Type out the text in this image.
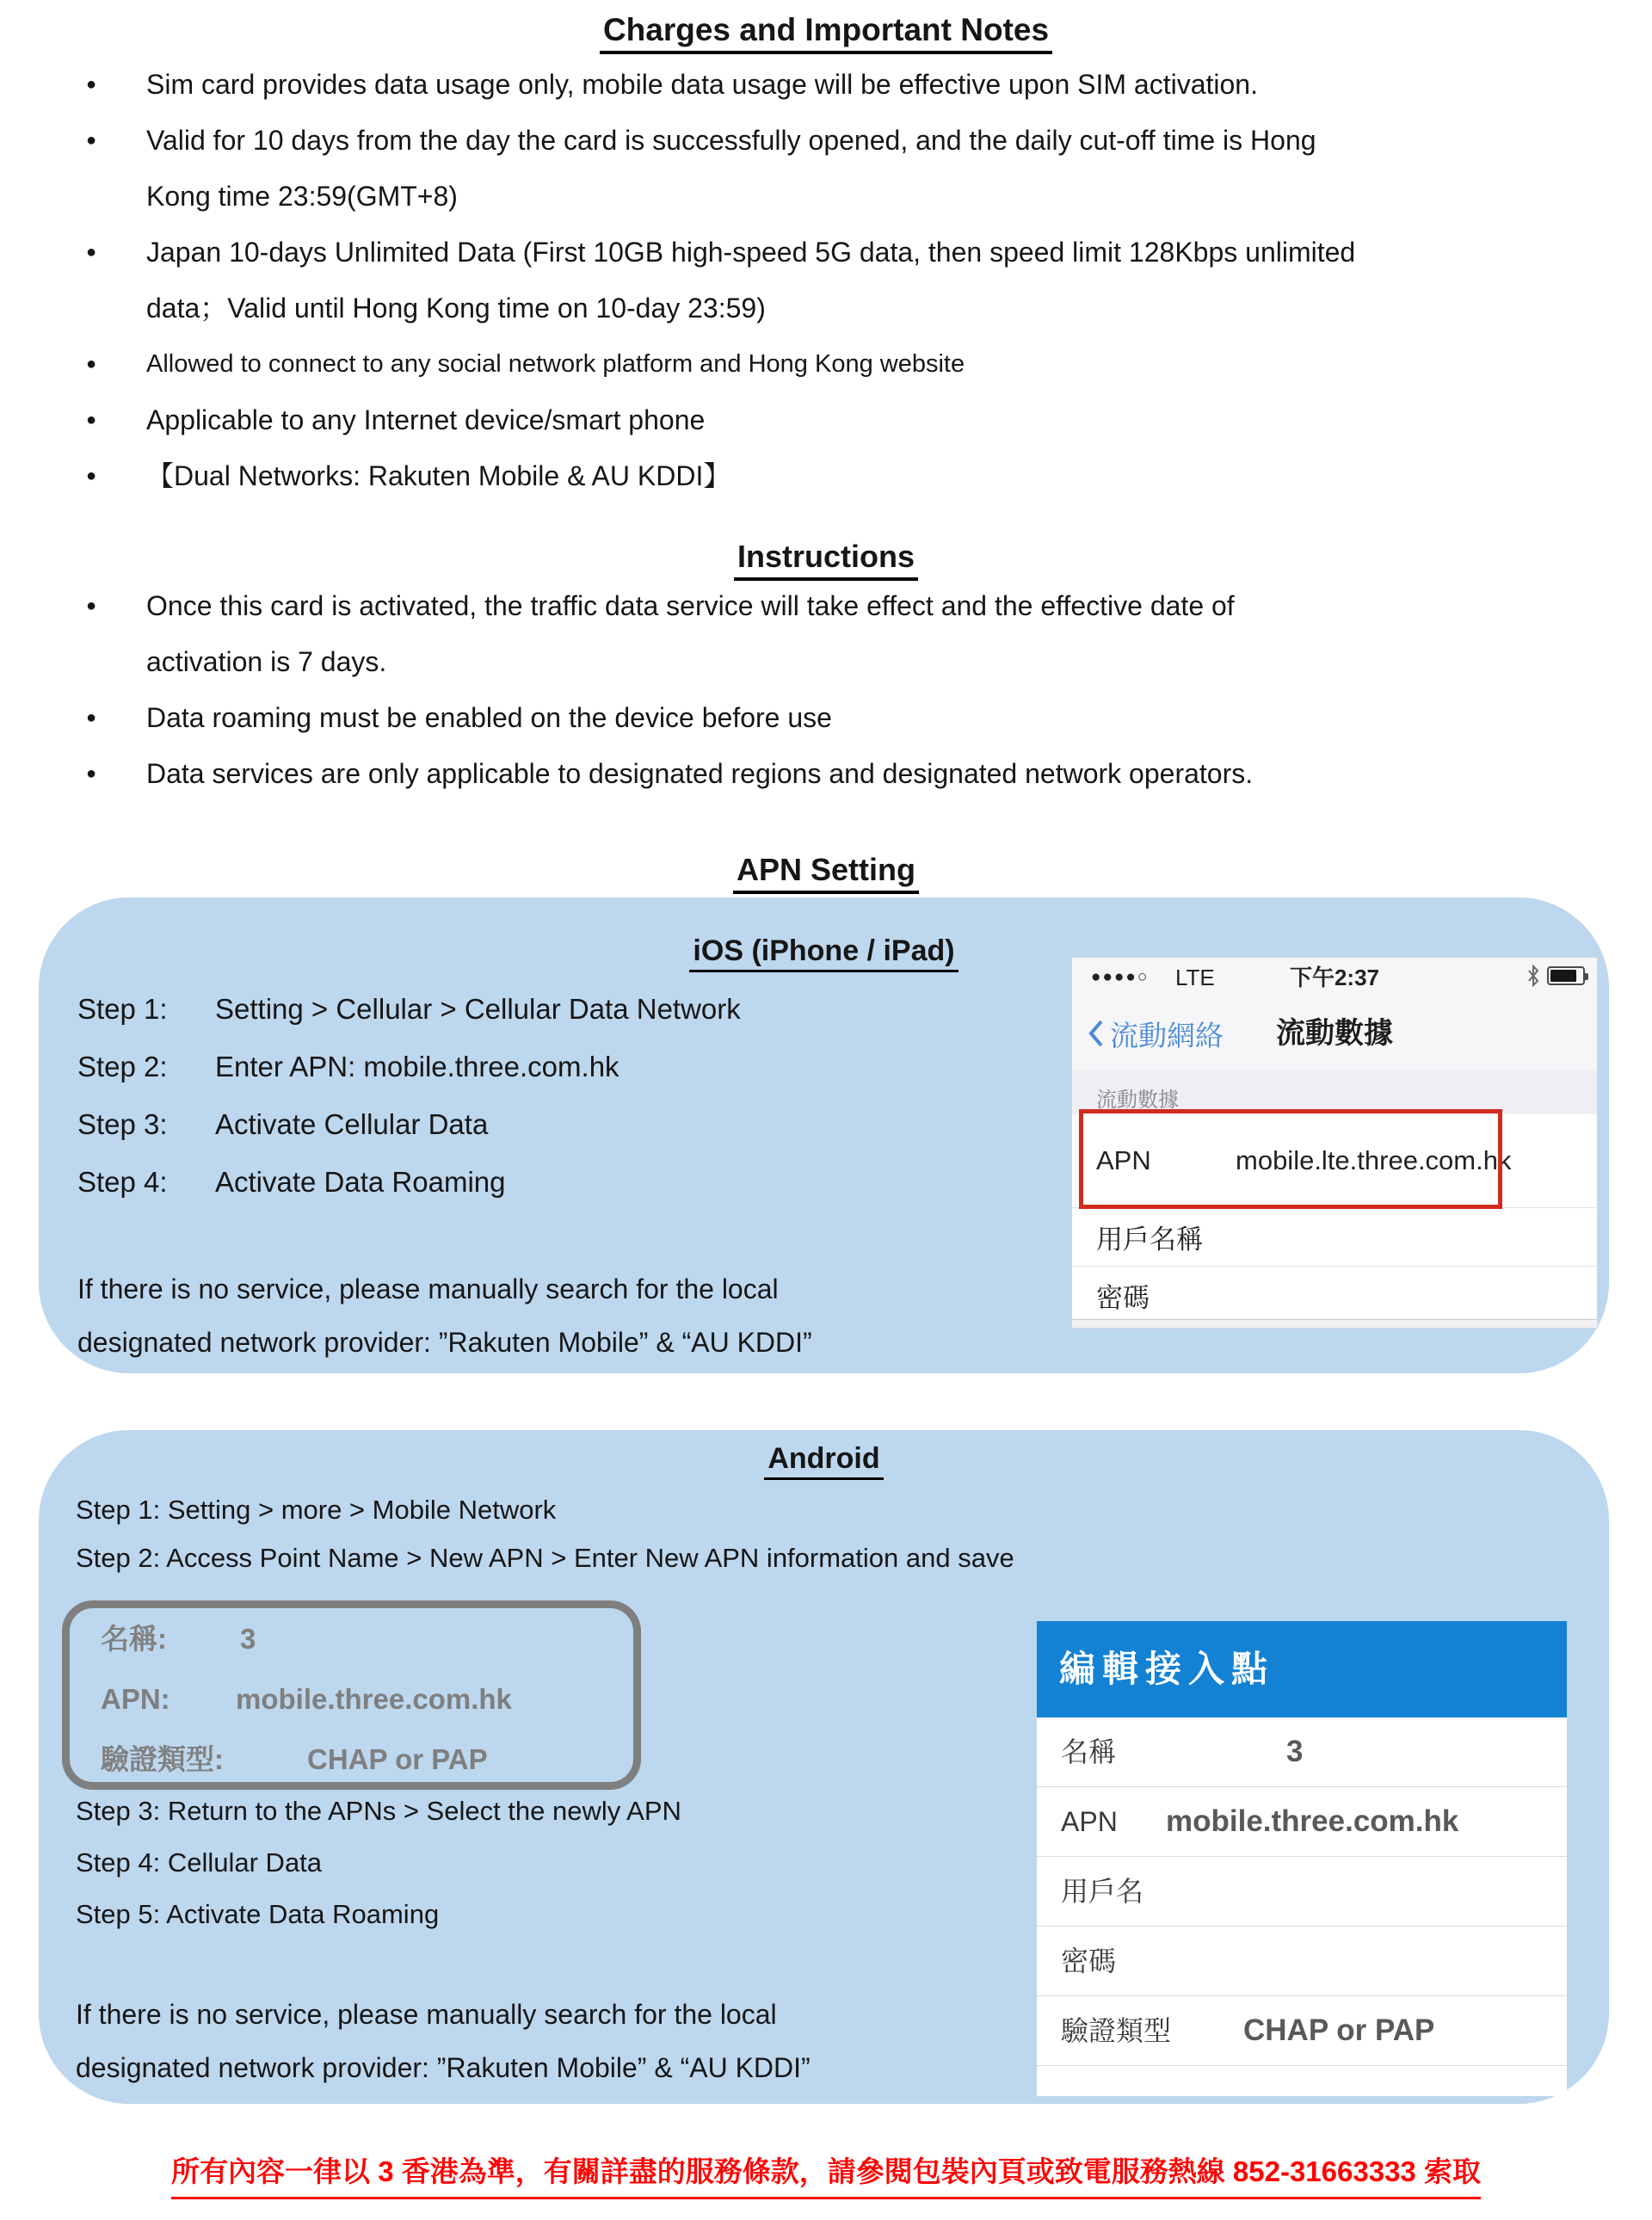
Charges and Important Notes
● Sim card provides data usage only, mobile data usage will be effective upon SIM activation.
● Valid for 10 days from the day the card is successfully opened, and the daily cut-off time is Hong
Kong time 23:59(GMT+8)
● Japan 10-days Unlimited Data (First 10GB high-speed 5G data, then speed limit 128Kbps unlimited
data；Valid until Hong Kong time on 10-day 23:59)
● Allowed to connect to any social network platform and Hong Kong website
● Applicable to any Internet device/smart phone
● 【Dual Networks: Rakuten Mobile & AU KDDI】
Instructions
● Once this card is activated, the traffic data service will take effect and the effective date of
activation is 7 days.
● Data roaming must be enabled on the device before use
● Data services are only applicable to designated regions and designated network operators.
APN Setting
iOS (iPhone / iPad)
Step 1:	Setting > Cellular > Cellular Data Network
Step 2:	Enter APN: mobile.three.com.hk
Step 3:	Activate Cellular Data
Step 4:	Activate Data Roaming
If there is no service, please manually search for the local
designated network provider: ”Rakuten Mobile” & “AU KDDI”
●●●●○ LTE	下午2:37
流動網絡	流動數據
流動數據
APN	mobile.lte.three.com.hk
用戶名稱
密碼
Android
Step 1: Setting > more > Mobile Network
Step 2: Access Point Name > New APN > Enter New APN information and save
名稱:	3
APN: mobile.three.com.hk
驗證類型:	CHAP or PAP
Step 3: Return to the APNs > Select the newly APN
Step 4: Cellular Data
Step 5: Activate Data Roaming
If there is no service, please manually search for the local
designated network provider: ”Rakuten Mobile” & “AU KDDI”
編輯接入點
名稱	3
APN mobile.three.com.hk
用戶名
密碼
驗證類型 CHAP or PAP
所有內容一律以 3 香港為準，有關詳盡的服務條款，請參閱包裝內頁或致電服務熱線 852-31663333 索取
